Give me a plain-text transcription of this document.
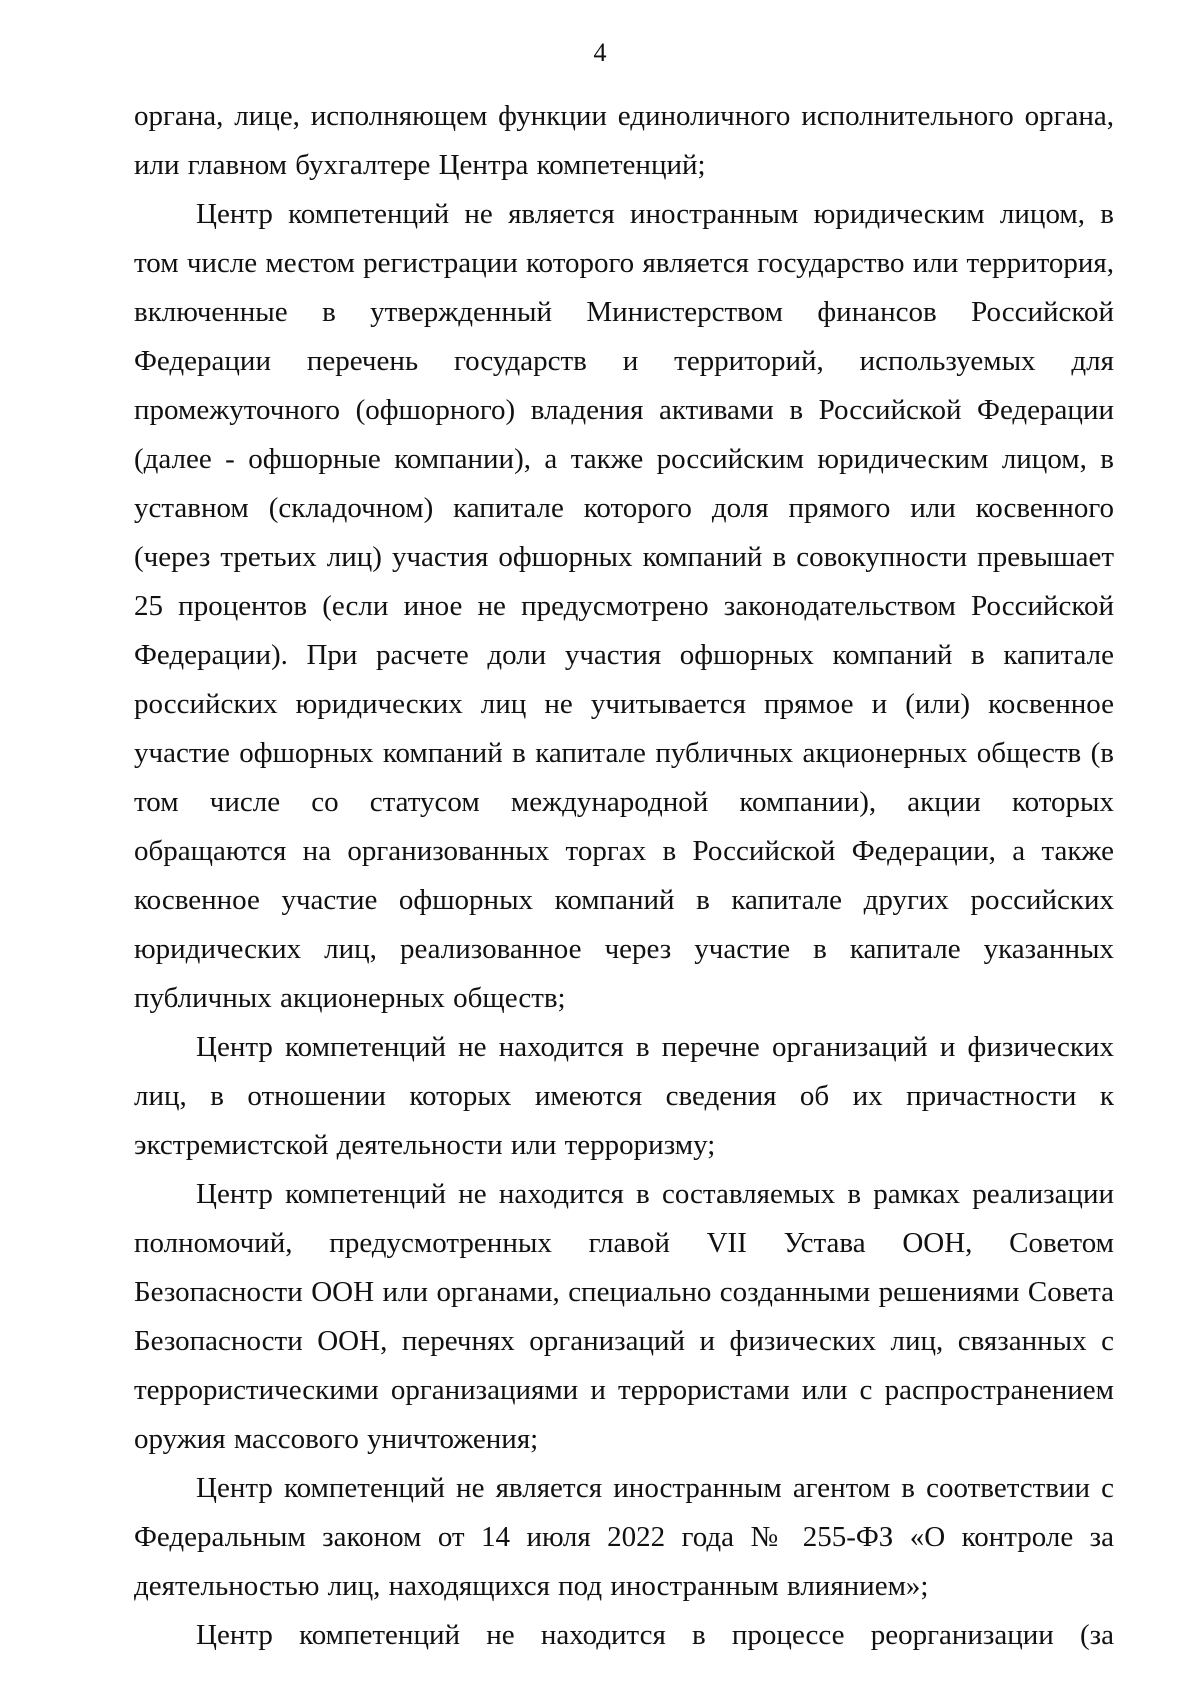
4

органа, лице, исполняющем функции единоличного исполнительного органа, или главном бухгалтере Центра компетенций;

Центр компетенций не является иностранным юридическим лицом, в том числе местом регистрации которого является государство или территория, включенные в утвержденный Министерством финансов Российской Федерации перечень государств и территорий, используемых для промежуточного (офшорного) владения активами в Российской Федерации (далее - офшорные компании), а также российским юридическим лицом, в уставном (складочном) капитале которого доля прямого или косвенного (через третьих лиц) участия офшорных компаний в совокупности превышает 25 процентов (если иное не предусмотрено законодательством Российской Федерации). При расчете доли участия офшорных компаний в капитале российских юридических лиц не учитывается прямое и (или) косвенное участие офшорных компаний в капитале публичных акционерных обществ (в том числе со статусом международной компании), акции которых обращаются на организованных торгах в Российской Федерации, а также косвенное участие офшорных компаний в капитале других российских юридических лиц, реализованное через участие в капитале указанных публичных акционерных обществ;

Центр компетенций не находится в перечне организаций и физических лиц, в отношении которых имеются сведения об их причастности к экстремистской деятельности или терроризму;

Центр компетенций не находится в составляемых в рамках реализации полномочий, предусмотренных главой VII Устава ООН, Советом Безопасности ООН или органами, специально созданными решениями Совета Безопасности ООН, перечнях организаций и физических лиц, связанных с террористическими организациями и террористами или с распространением оружия массового уничтожения;

Центр компетенций не является иностранным агентом в соответствии с Федеральным законом от 14 июля 2022 года № 255-ФЗ «О контроле за деятельностью лиц, находящихся под иностранным влиянием»;

Центр компетенций не находится в процессе реорганизации (за
